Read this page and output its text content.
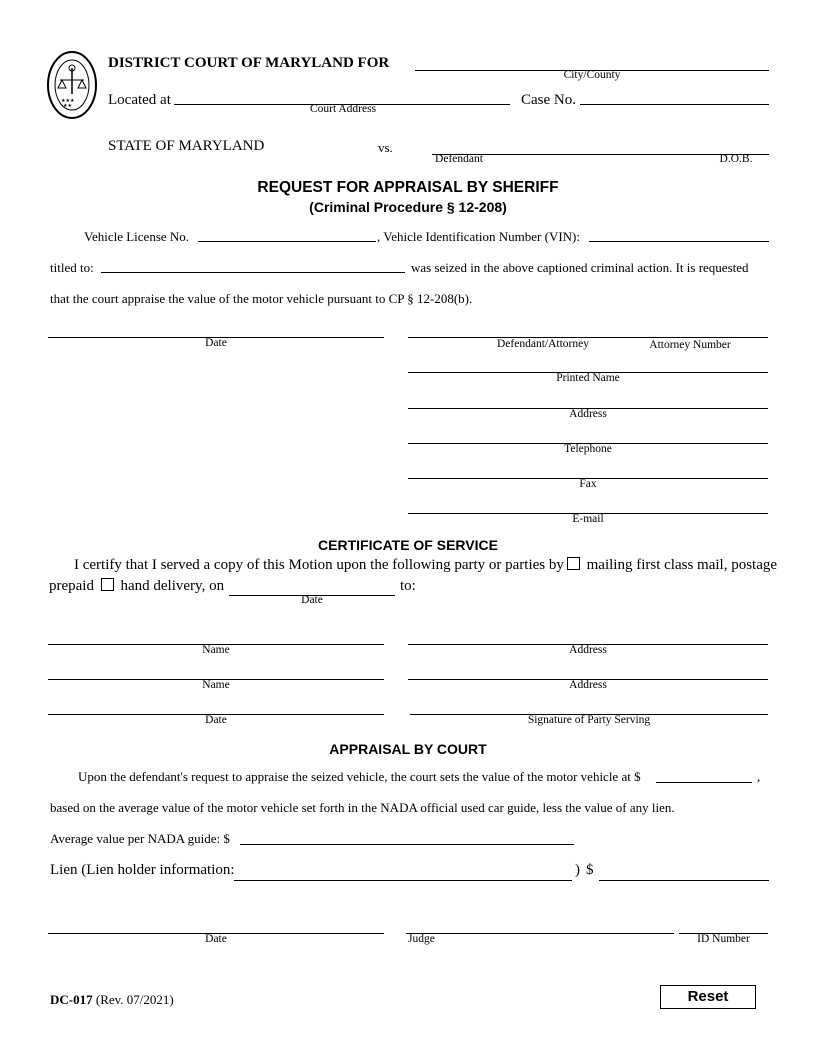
★★★
★★
DISTRICT COURT OF MARYLAND FOR
City/County
Located at
Court Address
Case No.
STATE OF MARYLAND	vs.
Defendant	D.O.B.
REQUEST FOR APPRAISAL BY SHERIFF
(Criminal Procedure § 12-208)
Vehicle License No.	, Vehicle Identification Number (VIN):
titled to:	was seized in the above captioned criminal action. It is requested
that the court appraise the value of the motor vehicle pursuant to CP § 12-208(b).
Date	Defendant/Attorney	Attorney Number
Printed Name
Address
Telephone
Fax
E-mail
CERTIFICATE OF SERVICE
I certify that I served a copy of this Motion upon the following party or parties by mailing first class mail, postage
prepaid hand delivery, on	to:
Date
Name	Address
Name	Address
Date	Signature of Party Serving
APPRAISAL BY COURT
Upon the defendant's request to appraise the seized vehicle, the court sets the value of the motor vehicle at $	,
based on the average value of the motor vehicle set forth in the NADA official used car guide, less the value of any lien.
Average value per NADA guide: $
Lien (Lien holder information:	) $
Date	Judge	ID Number
DC-017 (Rev. 07/2021)	Reset
